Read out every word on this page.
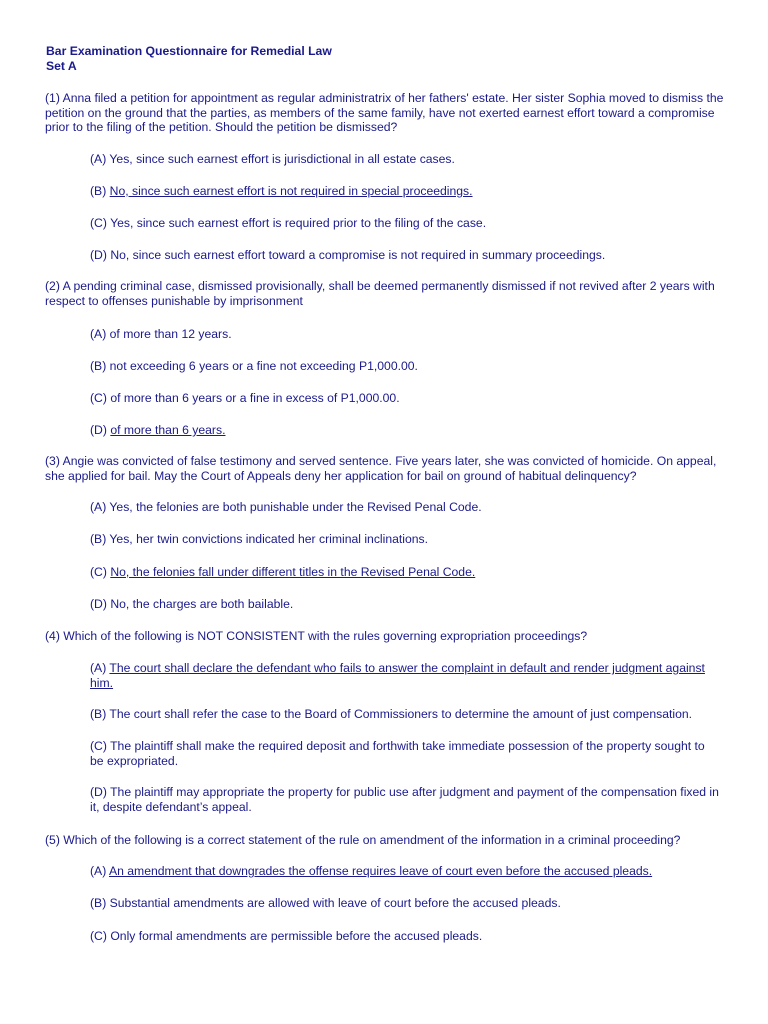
Bar Examination Questionnaire for Remedial Law
Set A

(1) Anna filed a petition for appointment as regular administratrix of her fathers' estate. Her sister Sophia moved to dismiss the petition on the ground that the parties, as members of the same family, have not exerted earnest effort toward a compromise prior to the filing of the petition. Should the petition be dismissed?

(A) Yes, since such earnest effort is jurisdictional in all estate cases.

(B) No, since such earnest effort is not required in special proceedings.

(C) Yes, since such earnest effort is required prior to the filing of the case.

(D) No, since such earnest effort toward a compromise is not required in summary proceedings.

(2) A pending criminal case, dismissed provisionally, shall be deemed permanently dismissed if not revived after 2 years with respect to offenses punishable by imprisonment

(A) of more than 12 years.

(B) not exceeding 6 years or a fine not exceeding P1,000.00.

(C) of more than 6 years or a fine in excess of P1,000.00.

(D) of more than 6 years.

(3) Angie was convicted of false testimony and served sentence. Five years later, she was convicted of homicide. On appeal, she applied for bail. May the Court of Appeals deny her application for bail on ground of habitual delinquency?

(A) Yes, the felonies are both punishable under the Revised Penal Code.

(B) Yes, her twin convictions indicated her criminal inclinations.

(C) No, the felonies fall under different titles in the Revised Penal Code.

(D) No, the charges are both bailable.

(4) Which of the following is NOT CONSISTENT with the rules governing expropriation proceedings?

(A) The court shall declare the defendant who fails to answer the complaint in default and render judgment against him.

(B) The court shall refer the case to the Board of Commissioners to determine the amount of just compensation.

(C) The plaintiff shall make the required deposit and forthwith take immediate possession of the property sought to be expropriated.

(D) The plaintiff may appropriate the property for public use after judgment and payment of the compensation fixed in it, despite defendant’s appeal.

(5) Which of the following is a correct statement of the rule on amendment of the information in a criminal proceeding?

(A) An amendment that downgrades the offense requires leave of court even before the accused pleads.

(B) Substantial amendments are allowed with leave of court before the accused pleads.

(C) Only formal amendments are permissible before the accused pleads.
